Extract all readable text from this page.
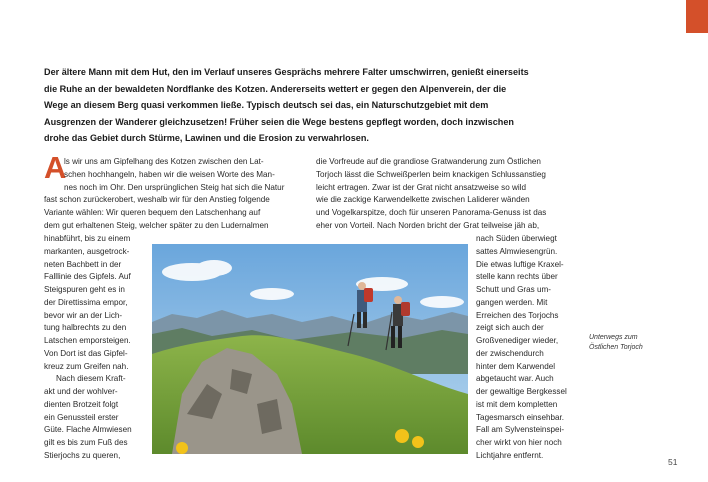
Der ältere Mann mit dem Hut, den im Verlauf unseres Gesprächs mehrere Falter umschwirren, genießt einerseits
die Ruhe an der bewaldeten Nordflanke des Kotzen. Andererseits wettert er gegen den Alpenverein, der die
Wege an diesem Berg quasi verkommen ließe. Typisch deutsch sei das, ein Naturschutzgebiet mit dem
Ausgrenzen der Wanderer gleichzusetzen! Früher seien die Wege bestens gepflegt worden, doch inzwischen
drohe das Gebiet durch Stürme, Lawinen und die Erosion zu verwahrlosen.
A
ls wir uns am Gipfelhang des Kotzen zwischen den Lat-
schen hochhangeln, haben wir die weisen Worte des Man-
nes noch im Ohr. Den ursprünglichen Steig hat sich die Natur
fast schon zurückerobert, weshalb wir für den Anstieg folgende
Variante wählen: Wir queren bequem den Latschenhang auf
dem gut erhaltenen Steig, welcher später zu den Ludernalmen
hinabführt, bis zu einem
markanten, ausgetrock-
neten Bachbett in der
Falllinie des Gipfels. Auf
Steigspuren geht es in
der Direttissima empor,
bevor wir an der Lich-
tung halbrechts zu den
Latschen emporsteigen.
Von Dort ist das Gipfel-
kreuz zum Greifen nah.
Nach diesem Kraft-
akt und der wohlver-
dienten Brotzeit folgt
ein Genussteil erster
Güte. Flache Almwiesen
gilt es bis zum Fuß des
Stierjochs zu queren,
die Vorfreude auf die grandiose Gratwanderung zum Östlichen
Torjoch lässt die Schweißperlen beim knackigen Schlussanstieg
leicht ertragen. Zwar ist der Grat nicht ansatzweise so wild
wie die zackige Karwendelkette zwischen Laliderer wänden
und Vogelkarspitze, doch für unseren Panorama-Genuss ist das
eher von Vorteil. Nach Norden bricht der Grat teilweise jäh ab,
nach Süden überwiegt
sattes Almwiesengrün.
Die etwas luftige Kraxel-
stelle kann rechts über
Schutt und Gras um-
gangen werden. Mit
Erreichen des Torjochs
zeigt sich auch der
Großvenediger wieder,
der zwischendurch
hinter dem Karwendel
abgetaucht war. Auch
der gewaltige Bergkessel
ist mit dem kompletten
Tagesmarsch einsehbar.
Fall am Sylvensteinspei-
cher wirkt von hier noch
Lichtjahre entfernt.
Unterwegs zum
Östlichen Torjoch
51
